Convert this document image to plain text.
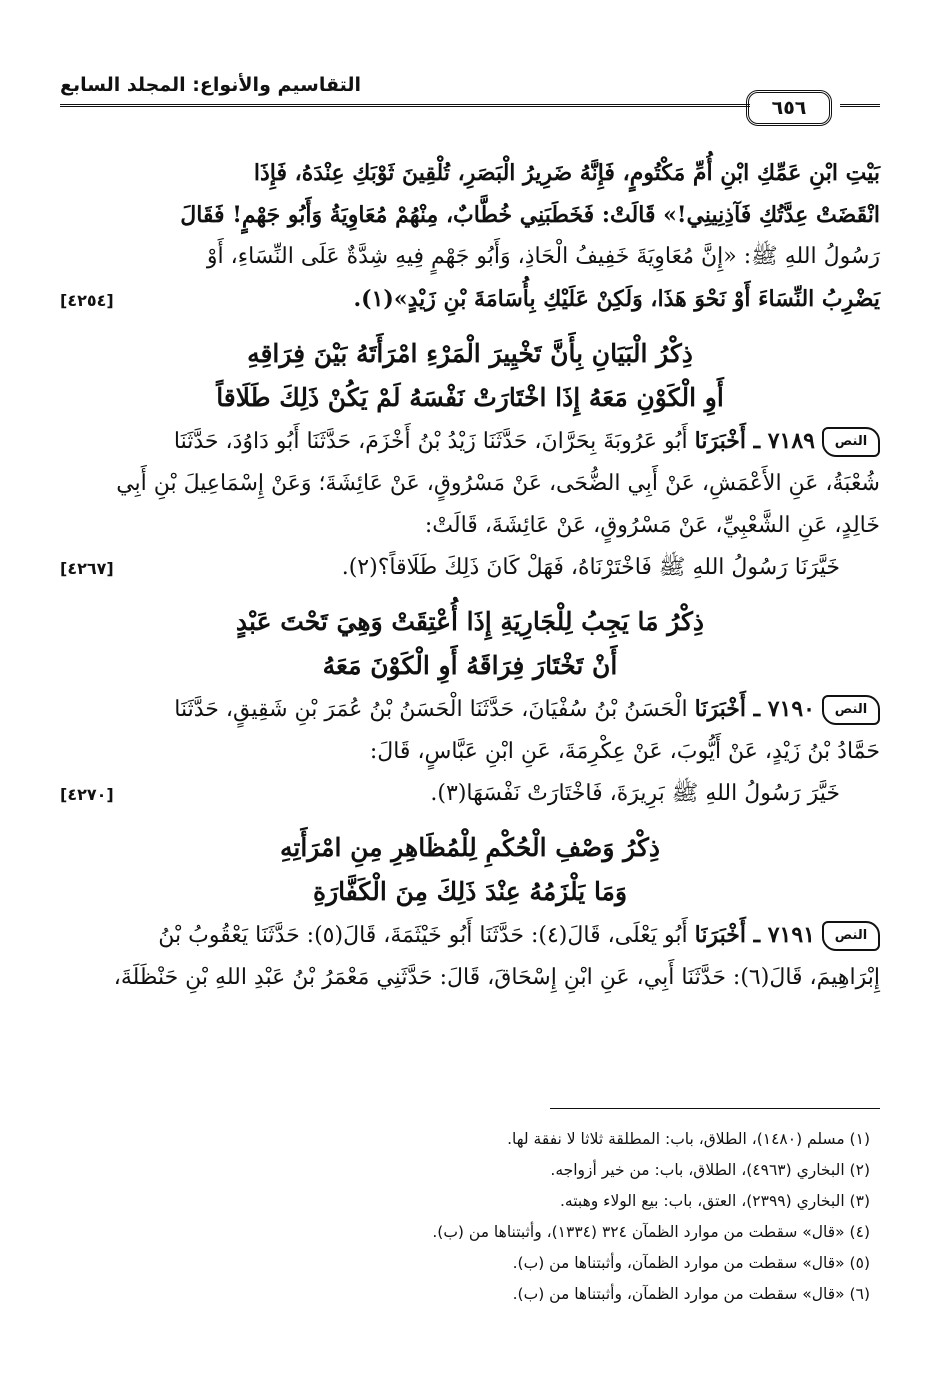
٦٥٦
التقاسيم والأنواع: المجلد السابع

بَيْتِ ابْنِ عَمِّكِ ابْنِ أُمِّ مَكْتُومٍ، فَإِنَّهُ ضَرِيرُ الْبَصَرِ، تُلْقِينَ ثَوْبَكِ عِنْدَهُ، فَإِذَا

انْقَضَتْ عِدَّتُكِ فَآذِنِينِي!» قَالَتْ: فَخَطَبَنِي خُطَّابٌ، مِنْهُمْ مُعَاوِيَةُ وَأَبُو جَهْمٍ! فَقَالَ

رَسُولُ اللهِ ﷺ: «إِنَّ مُعَاوِيَةَ خَفِيفُ الْحَاذِ، وَأَبُو جَهْمٍ فِيهِ شِدَّةٌ عَلَى النِّسَاءِ، أَوْ

يَضْرِبُ النِّسَاءَ أَوْ نَحْوَ هَذَا، وَلَكِنْ عَلَيْكِ بِأُسَامَةَ بْنِ زَيْدٍ»(١).
[٤٢٥٤]

ذِكْرُ الْبَيَانِ بِأَنَّ تَخْيِيرَ الْمَرْءِ امْرَأَتَهُ بَيْنَ فِرَاقِهِ

أَوِ الْكَوْنِ مَعَهُ إِذَا اخْتَارَتْ نَفْسَهُ لَمْ يَكُنْ ذَلِكَ طَلَاقاً

النص ٧١٨٩ ـ أَخْبَرَنَا أَبُو عَرُوبَةَ بِحَرَّانَ، حَدَّثَنَا زَيْدُ بْنُ أَخْزَمَ، حَدَّثَنَا أَبُو دَاوُدَ، حَدَّثَنَا

شُعْبَةُ، عَنِ الأَعْمَشِ، عَنْ أَبِي الضُّحَى، عَنْ مَسْرُوقٍ، عَنْ عَائِشَةَ؛ وَعَنْ إِسْمَاعِيلَ بْنِ أَبِي

خَالِدٍ، عَنِ الشَّعْبِيِّ، عَنْ مَسْرُوقٍ، عَنْ عَائِشَةَ، قَالَتْ:

خَيَّرَنَا رَسُولُ اللهِ ﷺ فَاخْتَرْنَاهُ، فَهَلْ كَانَ ذَلِكَ طَلَاقاً؟(٢).
[٤٢٦٧]

ذِكْرُ مَا يَجِبُ لِلْجَارِيَةِ إِذَا أُعْتِقَتْ وَهِيَ تَحْتَ عَبْدٍ

أَنْ تَخْتَارَ فِرَاقَهُ أَوِ الْكَوْنَ مَعَهُ

النص ٧١٩٠ ـ أَخْبَرَنَا الْحَسَنُ بْنُ سُفْيَانَ، حَدَّثَنَا الْحَسَنُ بْنُ عُمَرَ بْنِ شَقِيقٍ، حَدَّثَنَا

حَمَّادُ بْنُ زَيْدٍ، عَنْ أَيُّوبَ، عَنْ عِكْرِمَةَ، عَنِ ابْنِ عَبَّاسٍ، قَالَ:

خَيَّرَ رَسُولُ اللهِ ﷺ بَرِيرَةَ، فَاخْتَارَتْ نَفْسَهَا(٣).
[٤٢٧٠]

ذِكْرُ وَصْفِ الْحُكْمِ لِلْمُظَاهِرِ مِنِ امْرَأَتِهِ

وَمَا يَلْزَمُهُ عِنْدَ ذَلِكَ مِنَ الْكَفَّارَةِ

النص ٧١٩١ ـ أَخْبَرَنَا أَبُو يَعْلَى، قَالَ(٤): حَدَّثَنَا أَبُو خَيْثَمَةَ، قَالَ(٥): حَدَّثَنَا يَعْقُوبُ بْنُ

إِبْرَاهِيمَ، قَالَ(٦): حَدَّثَنَا أَبِي، عَنِ ابْنِ إِسْحَاقَ، قَالَ: حَدَّثَنِي مَعْمَرُ بْنُ عَبْدِ اللهِ بْنِ حَنْظَلَةَ،

(١) مسلم (١٤٨٠)، الطلاق، باب: المطلقة ثلاثا لا نفقة لها.

(٢) البخاري (٤٩٦٣)، الطلاق، باب: من خير أزواجه.

(٣) البخاري (٢٣٩٩)، العتق، باب: بيع الولاء وهبته.

(٤) «قال» سقطت من موارد الظمآن ٣٢٤ (١٣٣٤)، وأثبتناها من (ب).

(٥) «قال» سقطت من موارد الظمآن، وأثبتناها من (ب).

(٦) «قال» سقطت من موارد الظمآن، وأثبتناها من (ب).
